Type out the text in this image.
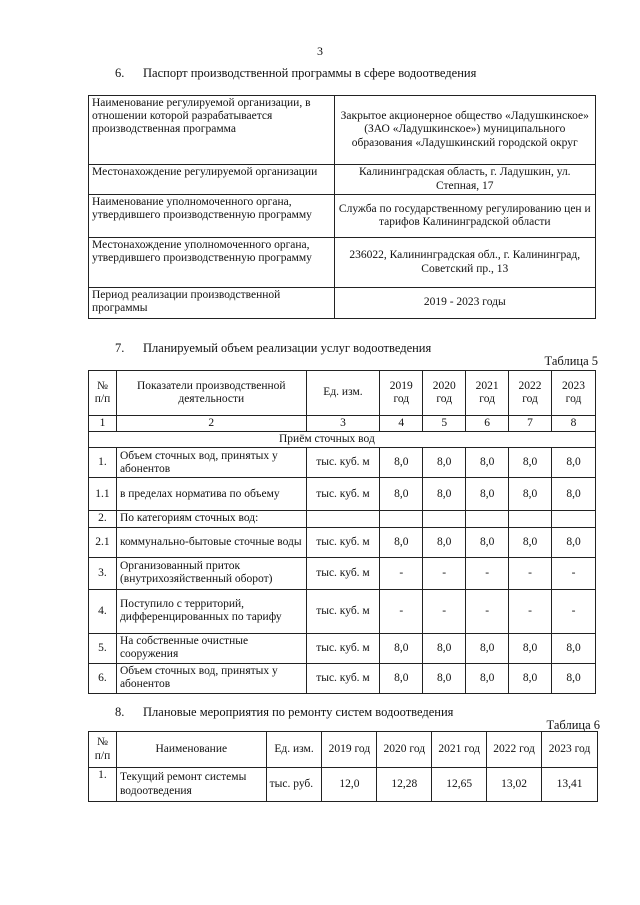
3
6. Паспорт производственной программы в сфере водоотведения
Наименование регулируемой организации, в отношении которой разрабатывается производственная программа	Закрытое акционерное общество «Ладушкинское» (ЗАО «Ладушкинское») муниципального образования «Ладушкинский городской округ
Местонахождение регулируемой организации	Калининградская область, г. Ладушкин, ул. Степная, 17
Наименование уполномоченного органа, утвердившего производственную программу	Служба по государственному регулированию цен и тарифов Калининградской области
Местонахождение уполномоченного органа, утвердившего производственную программу	236022, Калининградская обл., г. Калининград, Советский пр., 13
Период реализации производственной программы	2019 - 2023 годы
7. Планируемый объем реализации услуг водоотведения
Таблица 5
№ п/п	Показатели производственной деятельности	Ед. изм.	2019 год	2020 год	2021 год	2022 год	2023 год
1	2	3	4	5	6	7	8
Приём сточных вод							
1.	Объем сточных вод, принятых у абонентов	тыс. куб. м	8,0	8,0	8,0	8,0	8,0
1.1	в пределах норматива по объему	тыс. куб. м	8,0	8,0	8,0	8,0	8,0
2.	По категориям сточных вод:						
2.1	коммунально-бытовые сточные воды	тыс. куб. м	8,0	8,0	8,0	8,0	8,0
3.	Организованный приток (внутрихозяйственный оборот)	тыс. куб. м	-	-	-	-	-
4.	Поступило с территорий, дифференцированных по тарифу	тыс. куб. м	-	-	-	-	-
5.	На собственные очистные сооружения	тыс. куб. м	8,0	8,0	8,0	8,0	8,0
6.	Объем сточных вод, принятых у абонентов	тыс. куб. м	8,0	8,0	8,0	8,0	8,0
8. Плановые мероприятия по ремонту систем водоотведения
Таблица 6
№ п/п	Наименование	Ед. изм.	2019 год	2020 год	2021 год	2022 год	2023 год
1.	Текущий ремонт системы водоотведения	тыс. руб.	12,0	12,28	12,65	13,02	13,41
